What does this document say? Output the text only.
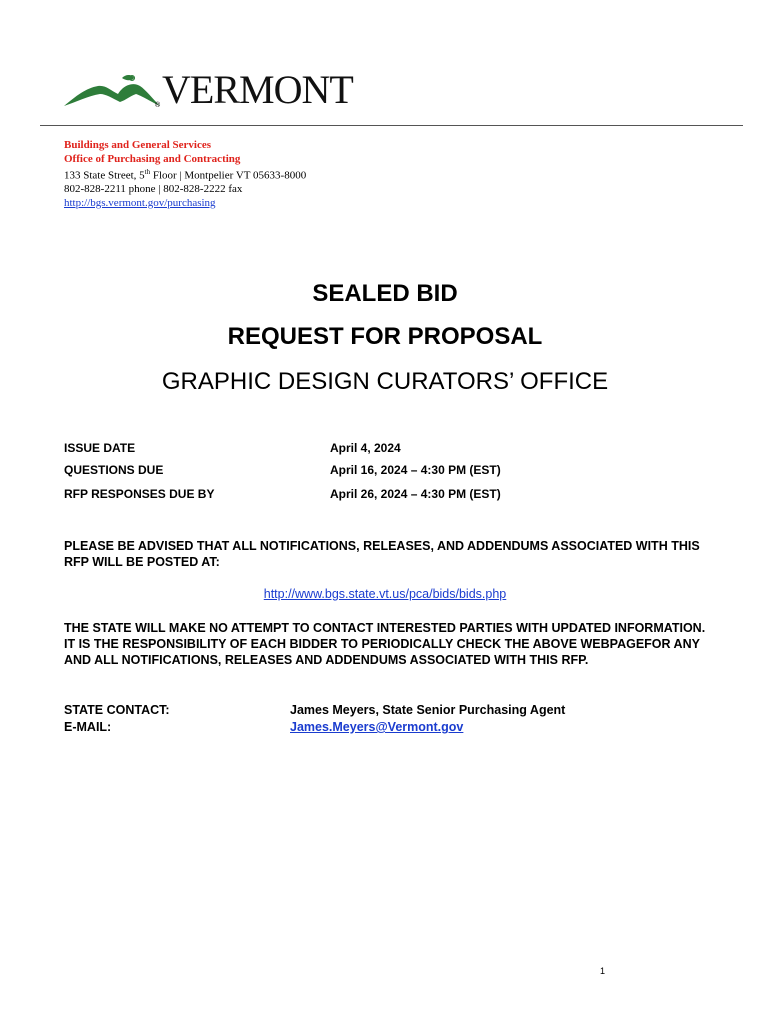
VERMONT
®
Buildings and General Services
Office of Purchasing and Contracting
133 State Street, 5th Floor | Montpelier VT 05633-8000
802-828-2211 phone | 802-828-2222 fax
http://bgs.vermont.gov/purchasing
SEALED BID
REQUEST FOR PROPOSAL
GRAPHIC DESIGN CURATORS’ OFFICE
ISSUE DATE	April 4, 2024
QUESTIONS DUE	April 16, 2024 – 4:30 PM (EST)
RFP RESPONSES DUE BY	April 26, 2024 – 4:30 PM (EST)
PLEASE BE ADVISED THAT ALL NOTIFICATIONS, RELEASES, AND ADDENDUMS ASSOCIATED WITH THIS RFP WILL BE POSTED AT:
http://www.bgs.state.vt.us/pca/bids/bids.php
THE STATE WILL MAKE NO ATTEMPT TO CONTACT INTERESTED PARTIES WITH UPDATED INFORMATION. IT IS THE RESPONSIBILITY OF EACH BIDDER TO PERIODICALLY CHECK THE ABOVE WEBPAGEFOR ANY AND ALL NOTIFICATIONS, RELEASES AND ADDENDUMS ASSOCIATED WITH THIS RFP.
STATE CONTACT:	James Meyers, State Senior Purchasing Agent
E-MAIL:	James.Meyers@Vermont.gov
1
